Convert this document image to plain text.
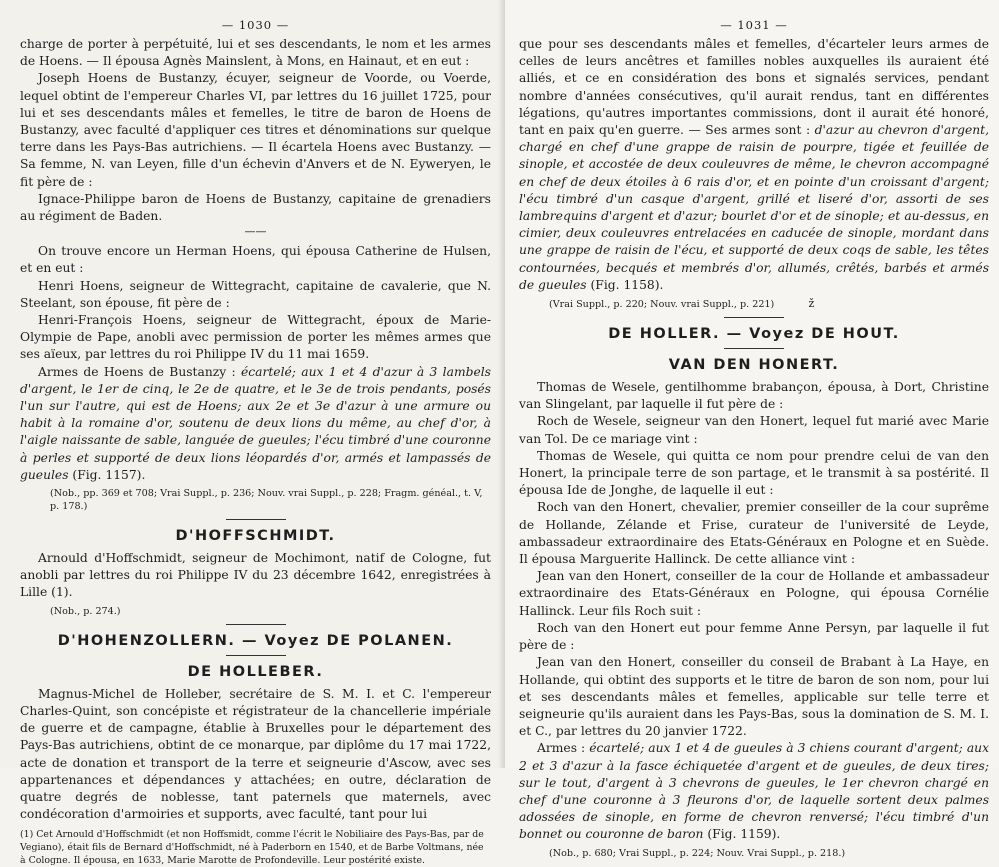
— 1030 —

charge de porter à perpétuité, lui et ses descendants, le nom et les armes de Hoens. — Il épousa Agnès Mainslent, à Mons, en Hainaut, et en eut :

Joseph Hoens de Bustanzy, écuyer, seigneur de Voorde, ou Voerde, lequel obtint de l'empereur Charles VI, par lettres du 16 juillet 1725, pour lui et ses descendants mâles et femelles, le titre de baron de Hoens de Bustanzy, avec faculté d'appliquer ces titres et dénominations sur quelque terre dans les Pays-Bas autrichiens. — Il écartela Hoens avec Bustanzy. — Sa femme, N. van Leyen, fille d'un échevin d'Anvers et de N. Eyweryen, le fit père de :

Ignace-Philippe baron de Hoens de Bustanzy, capitaine de grenadiers au régiment de Baden.

——

On trouve encore un Herman Hoens, qui épousa Catherine de Hulsen, et en eut :

Henri Hoens, seigneur de Wittegracht, capitaine de cavalerie, que N. Steelant, son épouse, fit père de :

Henri-François Hoens, seigneur de Wittegracht, époux de Marie-Olympie de Pape, anobli avec permission de porter les mêmes armes que ses aïeux, par lettres du roi Philippe IV du 11 mai 1659.

Armes de Hoens de Bustanzy : écartelé; aux 1 et 4 d'azur à 3 lambels d'argent, le 1er de cinq, le 2e de quatre, et le 3e de trois pendants, posés l'un sur l'autre, qui est de Hoens; aux 2e et 3e d'azur à une armure ou habit à la romaine d'or, soutenu de deux lions du même, au chef d'or, à l'aigle naissante de sable, languée de gueules; l'écu timbré d'une couronne à perles et supporté de deux lions léopardés d'or, armés et lampassés de gueules (Fig. 1157).

(Nob., pp. 369 et 708; Vrai Suppl., p. 236; Nouv. vrai Suppl., p. 228; Fragm. généal., t. V, p. 178.)
D'HOFFSCHMIDT.

Arnould d'Hoffschmidt, seigneur de Mochimont, natif de Cologne, fut anobli par lettres du roi Philippe IV du 23 décembre 1642, enregistrées à Lille (1).

(Nob., p. 274.)
D'HOHENZOLLERN. — Voyez DE POLANEN.
DE HOLLEBER.

Magnus-Michel de Holleber, secrétaire de S. M. I. et C. l'empereur Charles-Quint, son concépiste et régistrateur de la chancellerie impériale de guerre et de campagne, établie à Bruxelles pour le département des Pays-Bas autrichiens, obtint de ce monarque, par diplôme du 17 mai 1722, acte de donation et transport de la terre et seigneurie d'Ascow, avec ses appartenances et dépendances y attachées; en outre, déclaration de quatre degrés de noblesse, tant paternels que maternels, avec condécoration d'armoiries et supports, avec faculté, tant pour lui

(1) Cet Arnould d'Hoffschmidt (et non Hoffsmidt, comme l'écrit le Nobiliaire des Pays-Bas, par de Vegiano), était fils de Bernard d'Hoffschmidt, né à Paderborn en 1540, et de Barbe Voltmans, née à Cologne. Il épousa, en 1633, Marie Marotte de Profondeville. Leur postérité existe.
— 1031 —

que pour ses descendants mâles et femelles, d'écarteler leurs armes de celles de leurs ancêtres et familles nobles auxquelles ils auraient été alliés, et ce en considération des bons et signalés services, pendant nombre d'années consécutives, qu'il aurait rendus, tant en différentes légations, qu'autres importantes commissions, dont il aurait été honoré, tant en paix qu'en guerre. — Ses armes sont : d'azur au chevron d'argent, chargé en chef d'une grappe de raisin de pourpre, tigée et feuillée de sinople, et accostée de deux couleuvres de même, le chevron accompagné en chef de deux étoiles à 6 rais d'or, et en pointe d'un croissant d'argent; l'écu timbré d'un casque d'argent, grillé et liseré d'or, assorti de ses lambrequins d'argent et d'azur; bourlet d'or et de sinople; et au-dessus, en cimier, deux couleuvres entrelacées en caducée de sinople, mordant dans une grappe de raisin de l'écu, et supporté de deux coqs de sable, les têtes contournées, becqués et membrés d'or, allumés, crêtés, barbés et armés de gueules (Fig. 1158).

(Vrai Suppl., p. 220; Nouv. vrai Suppl., p. 221)	ž
DE HOLLER. — Voyez DE HOUT.
VAN DEN HONERT.

Thomas de Wesele, gentilhomme brabançon, épousa, à Dort, Christine van Slingelant, par laquelle il fut père de :

Roch de Wesele, seigneur van den Honert, lequel fut marié avec Marie van Tol. De ce mariage vint :

Thomas de Wesele, qui quitta ce nom pour prendre celui de van den Honert, la principale terre de son partage, et le transmit à sa postérité. Il épousa Ide de Jonghe, de laquelle il eut :

Roch van den Honert, chevalier, premier conseiller de la cour suprême de Hollande, Zélande et Frise, curateur de l'université de Leyde, ambassadeur extraordinaire des Etats-Généraux en Pologne et en Suède. Il épousa Marguerite Hallinck. De cette alliance vint :

Jean van den Honert, conseiller de la cour de Hollande et ambassadeur extraordinaire des Etats-Généraux en Pologne, qui épousa Cornélie Hallinck. Leur fils Roch suit :

Roch van den Honert eut pour femme Anne Persyn, par laquelle il fut père de :

Jean van den Honert, conseiller du conseil de Brabant à La Haye, en Hollande, qui obtint des supports et le titre de baron de son nom, pour lui et ses descendants mâles et femelles, applicable sur telle terre et seigneurie qu'ils auraient dans les Pays-Bas, sous la domination de S. M. I. et C., par lettres du 20 janvier 1722.

Armes : écartelé; aux 1 et 4 de gueules à 3 chiens courant d'argent; aux 2 et 3 d'azur à la fasce échiquetée d'argent et de gueules, de deux tires; sur le tout, d'argent à 3 chevrons de gueules, le 1er chevron chargé en chef d'une couronne à 3 fleurons d'or, de laquelle sortent deux palmes adossées de sinople, en forme de chevron renversé; l'écu timbré d'un bonnet ou couronne de baron (Fig. 1159).

(Nob., p. 680; Vrai Suppl., p. 224; Nouv. Vrai Suppl., p. 218.)
